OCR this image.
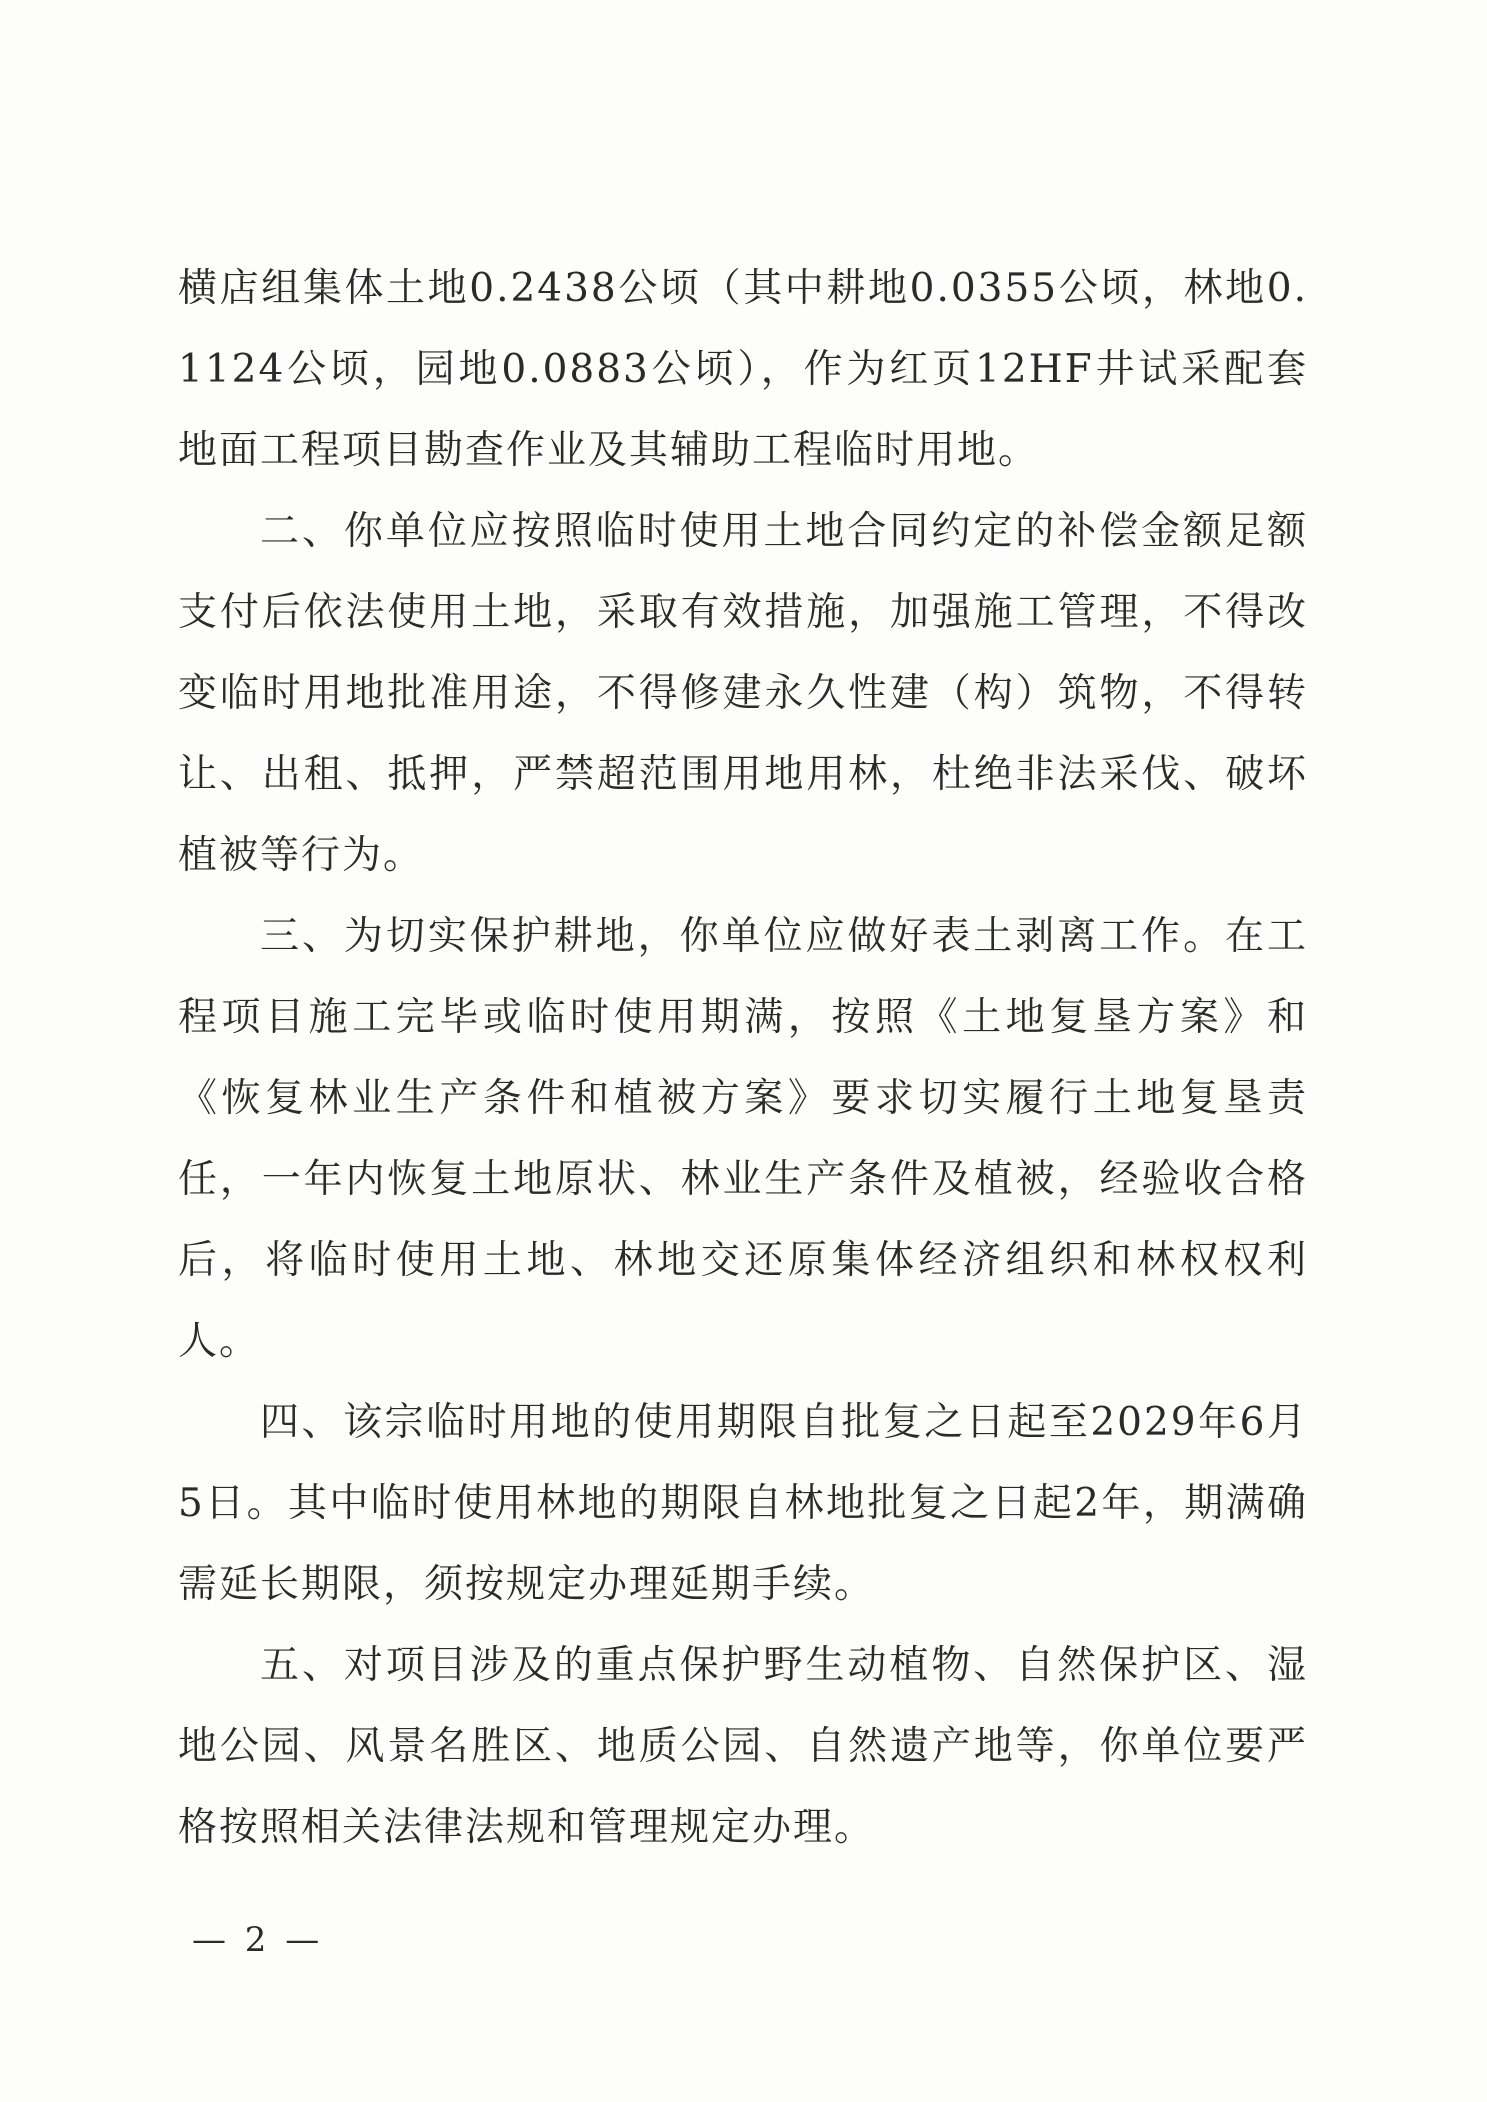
横店组集体土地0.2438公顷（其中耕地0.0355公顷，林地0.1124公顷，园地0.0883公顷），作为红页12HF井试采配套地面工程项目勘查作业及其辅助工程临时用地。

二、你单位应按照临时使用土地合同约定的补偿金额足额支付后依法使用土地，采取有效措施，加强施工管理，不得改变临时用地批准用途，不得修建永久性建（构）筑物，不得转让、出租、抵押，严禁超范围用地用林，杜绝非法采伐、破坏植被等行为。

三、为切实保护耕地，你单位应做好表土剥离工作。在工程项目施工完毕或临时使用期满，按照《土地复垦方案》和《恢复林业生产条件和植被方案》要求切实履行土地复垦责任，一年内恢复土地原状、林业生产条件及植被，经验收合格后，将临时使用土地、林地交还原集体经济组织和林权权利人。

四、该宗临时用地的使用期限自批复之日起至2029年6月5日。其中临时使用林地的期限自林地批复之日起2年，期满确需延长期限，须按规定办理延期手续。

五、对项目涉及的重点保护野生动植物、自然保护区、湿地公园、风景名胜区、地质公园、自然遗产地等，你单位要严格按照相关法律法规和管理规定办理。

— 2 —
